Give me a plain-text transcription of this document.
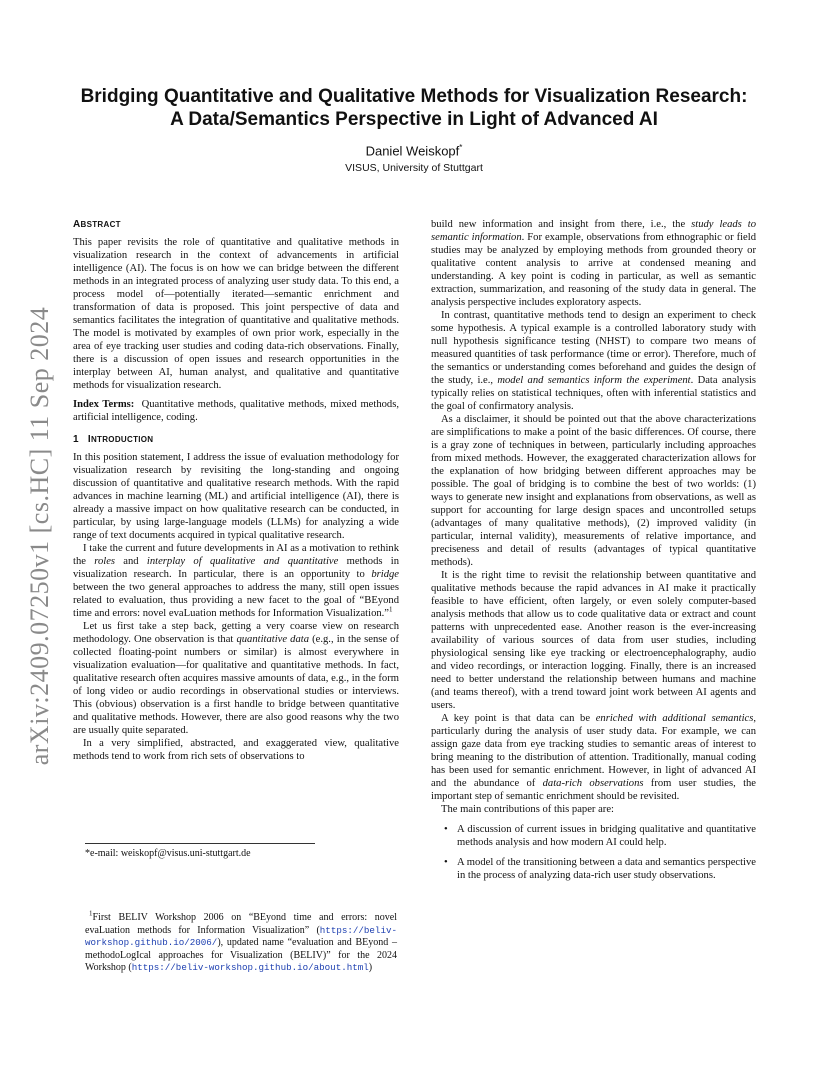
arXiv:2409.07250v1 [cs.HC] 11 Sep 2024
Bridging Quantitative and Qualitative Methods for Visualization Research:
A Data/Semantics Perspective in Light of Advanced AI
Daniel Weiskopf*
VISUS, University of Stuttgart

ABSTRACT

This paper revisits the role of quantitative and qualitative methods in visualization research in the context of advancements in artificial intelligence (AI). The focus is on how we can bridge between the different methods in an integrated process of analyzing user study data. To this end, a process model of—potentially iterated—semantic enrichment and transformation of data is proposed. This joint perspective of data and semantics facilitates the integration of quantitative and qualitative methods. The model is motivated by examples of own prior work, especially in the area of eye tracking user studies and coding data-rich observations. Finally, there is a discussion of open issues and research opportunities in the interplay between AI, human analyst, and qualitative and quantitative methods for visualization research.

Index Terms: Quantitative methods, qualitative methods, mixed methods, artificial intelligence, coding.

1 INTRODUCTION

In this position statement, I address the issue of evaluation methodology for visualization research by revisiting the long-standing and ongoing discussion of quantitative and qualitative research methods. With the rapid advances in machine learning (ML) and artificial intelligence (AI), there is already a massive impact on how qualitative research can be conducted, in particular, by using large-language models (LLMs) for analyzing a wide range of text documents acquired in typical qualitative research.

I take the current and future developments in AI as a motivation to rethink the roles and interplay of qualitative and quantitative methods in visualization research. In particular, there is an opportunity to bridge between the two general approaches to address the many, still open issues related to evaluation, thus providing a new facet to the goal of “BEyond time and errors: novel evaLuation methods for Information Visualization.”$^1$

Let us first take a step back, getting a very coarse view on research methodology. One observation is that quantitative data (e.g., in the sense of collected floating-point numbers or similar) is almost everywhere in visualization evaluation—for qualitative and quantitative methods. In fact, qualitative research often acquires massive amounts of data, e.g., in the form of long video or audio recordings in observational studies or interviews. This (obvious) observation is a first handle to bridge between quantitative and qualitative methods. However, there are also good reasons why the two are usually quite separated.

In a very simplified, abstracted, and exaggerated view, qualitative methods tend to work from rich sets of observations to

*e-mail: weiskopf@visus.uni-stuttgart.de
$^1$First BELIV Workshop 2006 on “BEyond time and errors: novel evaLuation methods for Information Visualization” (https://beliv-workshop.github.io/2006/), updated name “evaluation and BEyond – methodoLogIcal approaches for Visualization (BELIV)” for the 2024 Workshop (https://beliv-workshop.github.io/about.html)

build new information and insight from there, i.e., the study leads to semantic information. For example, observations from ethnographic or field studies may be analyzed by employing methods from grounded theory or qualitative content analysis to arrive at condensed meaning and understanding. A key point is coding in particular, as well as semantic extraction, summarization, and reasoning of the study data in general. The analysis perspective includes exploratory aspects.

In contrast, quantitative methods tend to design an experiment to check some hypothesis. A typical example is a controlled laboratory study with null hypothesis significance testing (NHST) to compare two means of measured quantities of task performance (time or error). Therefore, much of the semantics or understanding comes beforehand and guides the design of the study, i.e., model and semantics inform the experiment. Data analysis typically relies on statistical techniques, often with inferential statistics and the goal of confirmatory analysis.

As a disclaimer, it should be pointed out that the above characterizations are simplifications to make a point of the basic differences. Of course, there is a gray zone of techniques in between, particularly including approaches from mixed methods. However, the exaggerated characterization allows for the explanation of how bridging between different approaches may be possible. The goal of bridging is to combine the best of two worlds: (1) ways to generate new insight and explanations from observations, as well as support for accounting for large design spaces and uncontrolled setups (advantages of many qualitative methods), (2) improved validity (in particular, internal validity), measurements of relative importance, and preciseness and detail of results (advantages of typical quantitative methods).

It is the right time to revisit the relationship between quantitative and qualitative methods because the rapid advances in AI make it practically feasible to have efficient, often largely, or even solely computer-based analysis methods that allow us to code qualitative data or extract and count patterns with unprecedented ease. Another reason is the ever-increasing availability of various sources of data from user studies, including physiological sensing like eye tracking or electroencephalography, audio and video recordings, or interaction logging. Finally, there is an increased need to better understand the relationship between humans and machine (and teams thereof), with a trend toward joint work between AI agents and users.

A key point is that data can be enriched with additional semantics, particularly during the analysis of user study data. For example, we can assign gaze data from eye tracking studies to semantic areas of interest to bring meaning to the distribution of attention. Traditionally, manual coding has been used for semantic enrichment. However, in light of advanced AI and the abundance of data-rich observations from user studies, the important step of semantic enrichment should be revisited.

The main contributions of this paper are:

• A discussion of current issues in bridging qualitative and quantitative methods analysis and how modern AI could help.
• A model of the transitioning between a data and semantics perspective in the process of analyzing data-rich user study observations.
